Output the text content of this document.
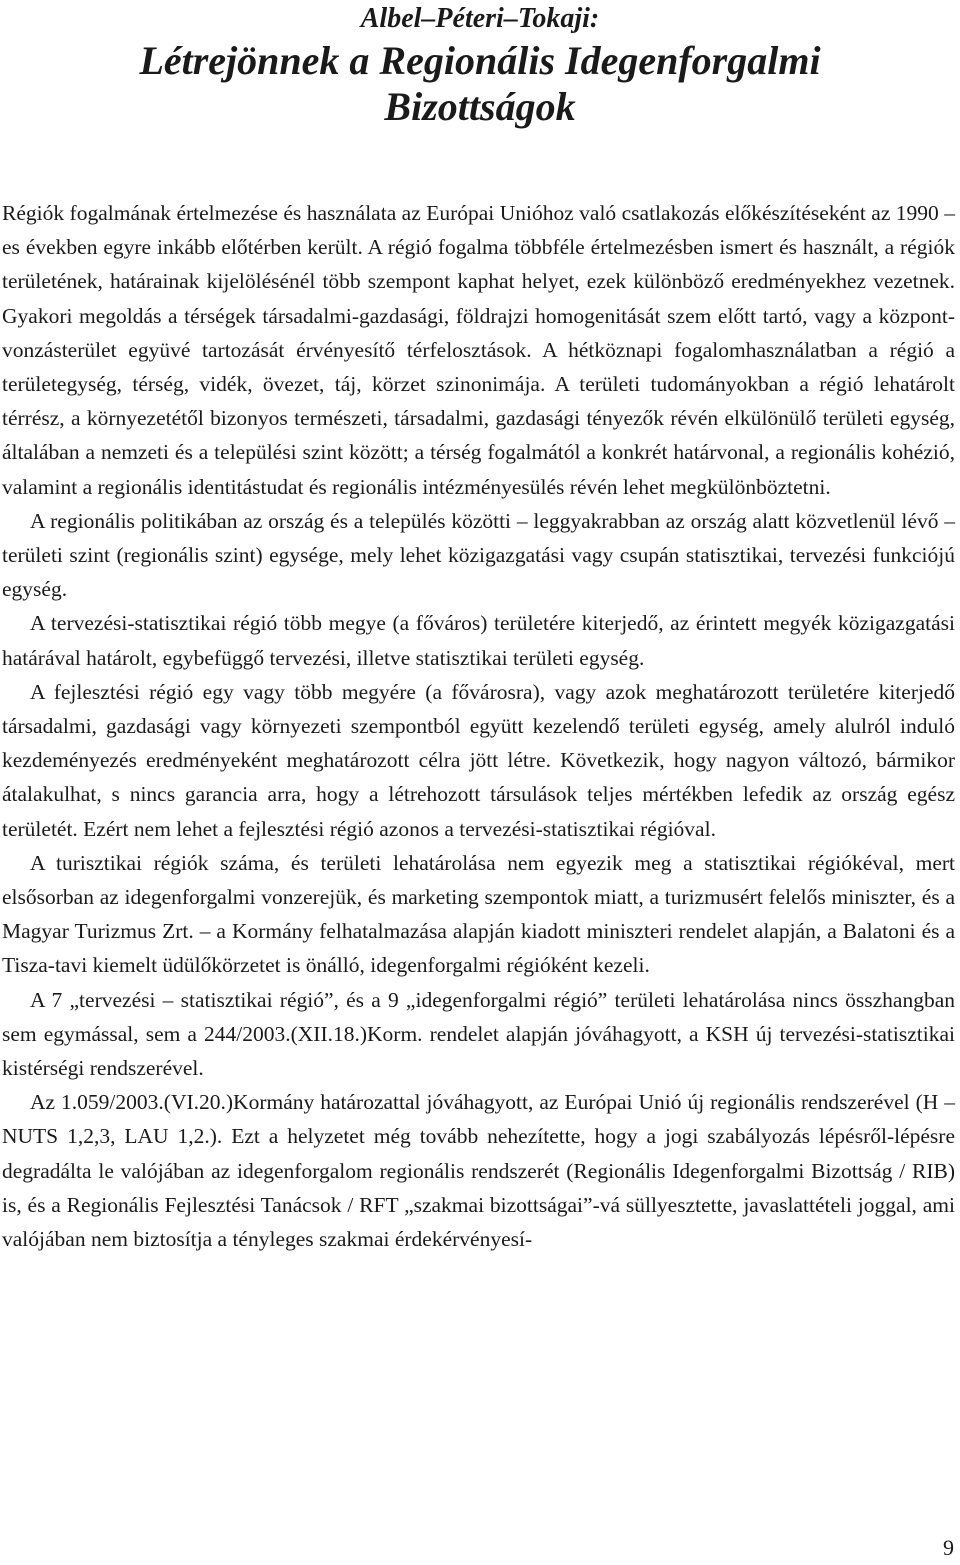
Albel–Péteri–Tokaji:

Létrejönnek a Regionális Idegenforgalmi
Bizottságok

Régiók fogalmának értelmezése és használata az Európai Unióhoz való csatlakozás előkészítéseként az 1990 –es években egyre inkább előtérben került. A régió fogalma többféle értelmezésben ismert és használt, a régiók területének, határainak kijelölésénél több szempont kaphat helyet, ezek különböző eredményekhez vezetnek. Gyakori megoldás a térségek társadalmi-gazdasági, földrajzi homogenitását szem előtt tartó, vagy a központ-vonzásterület együvé tartozását érvényesítő térfelosztások. A hétköznapi fogalomhasználatban a régió a területegység, térség, vidék, övezet, táj, körzet szinonimája. A területi tudományokban a régió lehatárolt térrész, a környezetétől bizonyos természeti, társadalmi, gazdasági tényezők révén elkülönülő területi egység, általában a nemzeti és a települési szint között; a térség fogalmától a konkrét határvonal, a regionális kohézió, valamint a regionális identitástudat és regionális intézményesülés révén lehet megkülönböztetni.

A regionális politikában az ország és a település közötti – leggyakrabban az ország alatt közvetlenül lévő – területi szint (regionális szint) egysége, mely lehet közigazgatási vagy csupán statisztikai, tervezési funkciójú egység.

A tervezési-statisztikai régió több megye (a főváros) területére kiterjedő, az érintett megyék közigazgatási határával határolt, egybefüggő tervezési, illetve statisztikai területi egység.

A fejlesztési régió egy vagy több megyére (a fővárosra), vagy azok meghatározott területére kiterjedő társadalmi, gazdasági vagy környezeti szempontból együtt kezelendő területi egység, amely alulról induló kezdeményezés eredményeként meghatározott célra jött létre. Következik, hogy nagyon változó, bármikor átalakulhat, s nincs garancia arra, hogy a létrehozott társulások teljes mértékben lefedik az ország egész területét. Ezért nem lehet a fejlesztési régió azonos a tervezési-statisztikai régióval.

A turisztikai régiók száma, és területi lehatárolása nem egyezik meg a statisztikai régiókéval, mert elsősorban az idegenforgalmi vonzerejük, és marketing szempontok miatt, a turizmusért felelős miniszter, és a Magyar Turizmus Zrt. – a Kormány felhatalmazása alapján kiadott miniszteri rendelet alapján, a Balatoni és a Tisza-tavi kiemelt üdülőkörzetet is önálló, idegenforgalmi régióként kezeli.

A 7 „tervezési – statisztikai régió”, és a 9 „idegenforgalmi régió” területi lehatárolása nincs összhangban sem egymással, sem a 244/2003.(XII.18.)Korm. rendelet alapján jóváhagyott, a KSH új tervezési-statisztikai kistérségi rendszerével.

Az 1.059/2003.(VI.20.)Kormány határozattal jóváhagyott, az Európai Unió új regionális rendszerével (H – NUTS 1,2,3, LAU 1,2.). Ezt a helyzetet még tovább nehezítette, hogy a jogi szabályozás lépésről-lépésre degradálta le valójában az idegenforgalom regionális rendszerét (Regionális Idegenforgalmi Bizottság / RIB) is, és a Regionális Fejlesztési Tanácsok / RFT „szakmai bizottságai”-vá süllyesztette, javaslattételi joggal, ami valójában nem biztosítja a tényleges szakmai érdekérvényesí-

9
